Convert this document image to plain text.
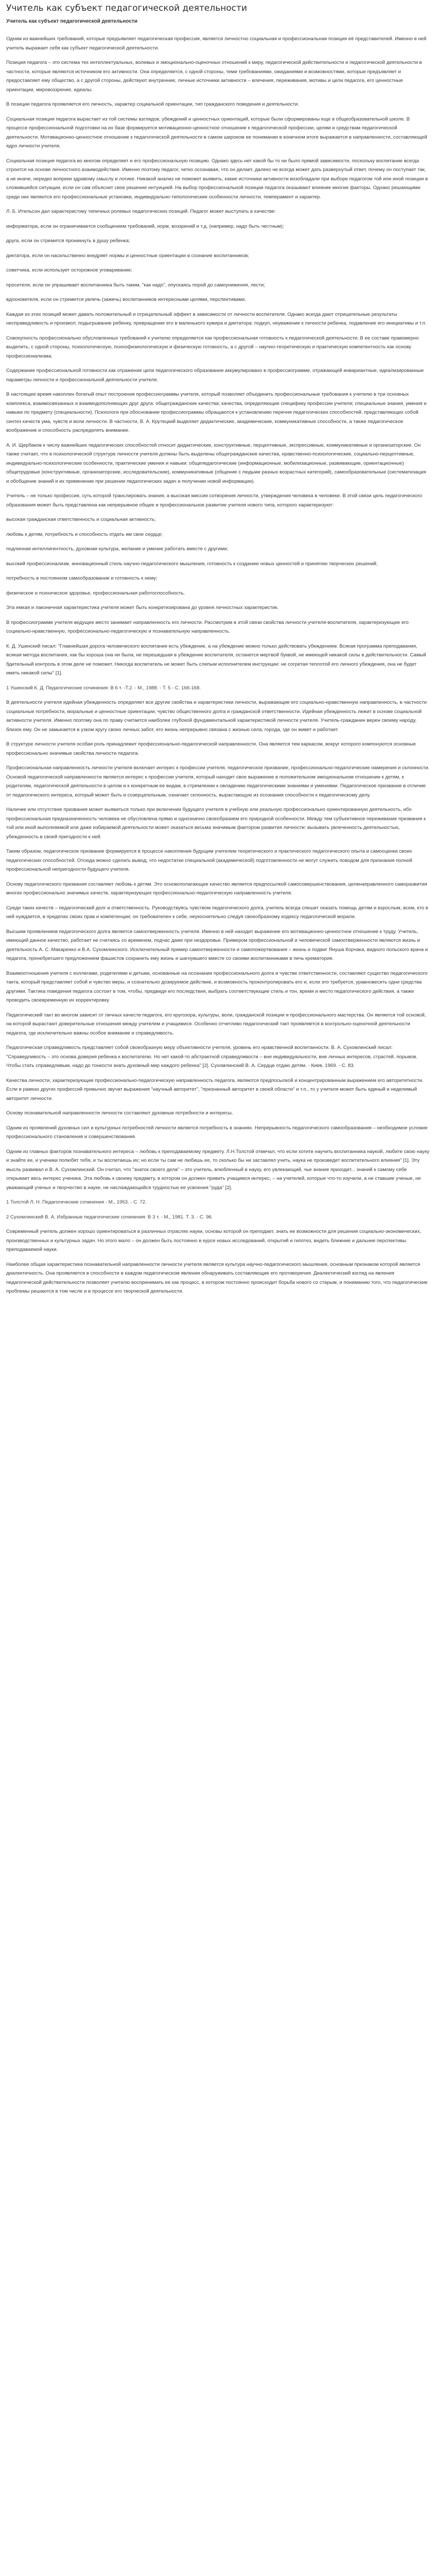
Учитель как субъект педагогической деятельности
Учитель как субъект педагогической деятельности

Одним из важнейших требований, которые предъявляет педагогическая профессия, является личностно социальная и профессиональная позиция её представителей. Именно в ней учитель выражает себя как субъект педагогической деятельности.

Позиция педагога – это система тех интеллектуальных, волевых и эмоционально-оценочных отношений к миру, педагогической действительности и педагогической деятельности в частности, которые являются источником его активности. Она определяется, с одной стороны, теми требованиями, ожиданиями и возможностями, которые предъявляет и предоставляет ему общество, а с другой стороны, действуют внутренние, личные источники активности – влечения, переживания, мотивы и цели педагога, его ценностные ориентации, мировоззрение, идеалы.

В позиции педагога проявляется его личность, характер социальной ориентации, тип гражданского поведения и деятельности.

Социальная позиция педагога вырастает из той системы взглядов, убеждений и ценностных ориентаций, которые были сформированы еще в общеобразовательной школе. В процессе профессиональной подготовки на их базе формируется мотивационно-ценностное отношение к педагогической профессии, целям и средствам педагогической деятельности. Мотивационно-ценностное отношение к педагогической деятельности в самом широком ее понимании в конечном итоге выражается в направленности, составляющей ядро личности учителя.

Социальная позиция педагога во многом определяет и его профессиональную позицию. Однако здесь нет какой бы то ни было прямой зависимости, поскольку воспитание всегда строится на основе личностного взаимодействия. Именно поэтому педагог, четко осознавая, что он делает, далеко не всегда может дать развернутый ответ, почему он поступает так, а не иначе, нередко вопреки здравому смыслу и логике. Никакой анализ не поможет выявить, какие источники активности возобладали при выборе педагогом той или иной позиции в сложившейся ситуации, если он сам объяснит свое решение интуицией. На выбор профессиональной позиции педагога оказывают влияние многие факторы. Однако решающими среди них являются его профессиональные установки, индивидуально-типологические особенности личности, темперамент и характер.

Л. Б. Ительсон дал характеристику типичных ролевых педагогических позиций. Педагог может выступать в качестве:

информатора, если он ограничивается сообщением требований, норм, воззрений и т.д. (например, надо быть честным);

друга, если он стремится проникнуть в душу ребенка;

диктатора, если он насильственно внедряет нормы и ценностные ориентации в сознание воспитанников;

советчика, если использует осторожное уговаривание;

просителя, если он упрашивает воспитанника быть таким, "как надо", опускаясь порой до самоунижения, лести;

вдохновителя, если он стремится увлечь (зажечь) воспитанников интересными целями, перспективами.

Каждая из этих позиций может давать положительный и отрицательный эффект в зависимости от личности воспитателя. Однако всегда дают отрицательные результаты несправедливость и произвол; подыгрывание ребенку, превращение его в маленького кумира и диктатора; подкуп, неуважение к личности ребенка, подавление его инициативы и т.п.

Совокупность профессионально обусловленных требований к учителю определяется как профессиональная готовность к педагогической деятельности. В ее составе правомерно выделить, с одной стороны, психологическую, психофизиологическую и физическую готовность, а с другой – научно-теоретическую и практическую компетентность как основу профессионализма.

Содержание профессиональной готовности как отражение цели педагогического образования аккумулировано в профессиограмме, отражающей инвариантные, идеализированные параметры личности и профессиональной деятельности учителя.

В настоящее время накоплен богатый опыт построения профессиограммы учителя, который позволяет объединить профессиональные требования к учителю в три основных комплекса, взаимосвязанных и взаимодополняющих друг друга: общегражданские качества; качества, определяющие специфику профессии учителя; специальные знания, умения и навыки по предмету (специальности). Психологи при обосновании профессиограммы обращаются к установлению перечня педагогических способностей, представляющих собой синтез качеств ума, чувств и воли личности. В частности, В. А. Крутецкий выделяет дидактические, академические, коммуникативные способности, а также педагогическое воображение и способность распределять внимание.

А. И. Щербаков к числу важнейших педагогических способностей относит дидактические, конструктивные, перцептивные, экспрессивные, коммуникативные и организаторские. Он также считает, что в психологической структуре личности учителя должны быть выделены общегражданские качества, нравственно-психологические, социально-перцептивные, индивидуально-психологические особенности, практические умения и навыки: общепедагогические (информационные, мобилизационные, развивающие, ориентационные) общетрудовые (конструктивные, организаторские, исследовательские), коммуникативные (общение с людьми разных возрастных категорий), самообразовательные (систематизация и обобщение знаний и их применение при решении педагогических задач и получении новой информации).

Учитель – не только профессия, суть которой транслировать знания, а высокая миссия сотворения личности, утверждения человека в человеке. В этой связи цель педагогического образования может быть представлена как непрерывное общее и профессиональное развитие учителя нового типа, которого характеризуют:

высокая гражданская ответственность и социальная активность;

любовь к детям, потребность и способность отдать им свое сердце;

подлинная интеллигентность, духовная культура, желание и умение работать вместе с другими;

высокий профессионализм, инновационный стиль научно-педагогического мышления, готовность к созданию новых ценностей и принятию творческих решений;

потребность в постоянном самообразовании и готовность к нему;

физическое и психическое здоровье, профессиональная работоспособность.

Эта емкая и лаконичная характеристика учителя может быть конкретизирована до уровня личностных характеристик.

В профессиограмме учителя ведущее место занимает направленность его личности. Рассмотрим в этой связи свойства личности учителя-воспитателя, характеризующие его социально-нравственную, профессионально-педагогическую и познавательную направленность.

К. Д. Ушинский писал: "Главнейшая дорога человеческого воспитания есть убеждение, а на убеждение можно только действовать убеждением. Всякая программа преподавания, всякая метода воспитания, как бы хороша она ни была, не перешедшая в убеждение воспитателя, останется мертвой буквой, не имеющей никакой силы в действительности. Самый бдительный контроль в этом деле не поможет. Никогда воспитатель не может быть слепым исполнителем инструкции: не согретая теплотой его личного убеждения, она не будет иметь никакой силы" [1].

1 Ушинский К. Д. Педагогические сочинения: В 6 т. -Т.2. - М., 1988. - Т. 5 - С. 166-168.

В деятельности учителя идейная убежденность определяет все другие свойства и характеристики личности, выражающие его социально-нравственную направленность, в частности социальные потребности, моральные и ценностные ориентации, чувство общественного долга и гражданской ответственности. Идейная убежденность лежит в основе социальной активности учителя. Именно поэтому она по праву считается наиболее глубокой фундаментальной характеристикой личности учителя. Учитель-гражданин верен своему народу, близок ему. Он не замыкается в узком кругу своих личных забот, его жизнь непрерывно связана с жизнью села, города, где он живет и работает.

В структуре личности учителя особая роль принадлежит профессионально-педагогической направленности. Она является тем каркасом, вокруг которого компонуются основные профессионально значимые свойства личности педагога.

Профессиональная направленность личности учителя включает интерес к профессии учителя, педагогическое призвание, профессионально-педагогические намерения и склонности. Основой педагогической направленности является интерес к профессии учителя, который находит свое выражение в положительном эмоциональном отношении к детям, к родителям, педагогической деятельности в целом и к конкретным ее видам, в стремлении к овладению педагогическими знаниями и умениями. Педагогическое призвание в отличие от педагогического интереса, который может быть и созерцательным, означает склонность, вырастающую из осознания способности к педагогическому делу.

Наличие или отсутствие призвания может выявиться только при включении будущего учителя в учебную или реальную профессионально ориентированную деятельность, ибо профессиональная предназначенность человека не обусловлена прямо и однозначно своеобразием его природной особенности. Между тем субъективное переживание призвания к той или иной выполняемой или даже избираемой деятельности может оказаться весьма значимым фактором развития личности: вызывать увлеченность деятельностью, убежденность в своей пригодности к ней.

Таким образом, педагогическое призвание формируется в процессе накопления будущим учителем теоретического и практического педагогического опыта и самооценки своих педагогических способностей. Отсюда можно сделать вывод, что недостатки специальной (академической) подготовленности не могут служить поводом для признания полной профессиональной непригодности будущего учителя.

Основу педагогического призвания составляет любовь к детям. Это основополагающее качество является предпосылкой самосовершенствования, целенаправленного саморазвития многих профессионально значимых качеств, характеризующих профессионально-педагогическую направленность учителя.

Среди таких качеств – педагогический долг и ответственность. Руководствуясь чувством педагогического долга, учитель всегда спешит оказать помощь детям и взрослым, всем, кто в ней нуждается, в пределах своих прав и компетенции; он требователен к себе, неукоснительно следуя своеобразному кодексу педагогической морали.

Высшим проявлением педагогического долга является самоотверженность учителя. Именно в ней находит выражение его мотивационно-ценностное отношение к труду. Учитель, имеющий данное качество, работает не считаясь со временем, подчас даже при нездоровье. Примером профессиональной и человеческой самоотверженности являются жизнь и деятельность А. С. Макаренко и В.А. Сухомлинского. Исключительный пример самоотверженности и самопожертвования – жизнь и подвиг Януша Корчака, видного польского врача и педагога, пренебрегшего предложением фашистов сохранить ему жизнь и шагнувшего вместе со своими воспитанниками в печь крематория.

Взаимоотношения учителя с коллегами, родителями и детьми, основанные на осознании профессионального долга и чувстве ответственности, составляют существо педагогического такта, который представляет собой и чувство меры, и сознательно дозируемое действие, и возможность проконтролировать его и, если это требуется, уравновесить одни средства другими. Тактика поведения педагога состоит в том, чтобы, предвидя его последствия, выбрать соответствующие стиль и тон, время и место педагогического действия, а также проводить своевременную их корректировку.

Педагогический такт во многом зависит от личных качеств педагога, его кругозора, культуры, воли, гражданской позиции и профессионального мастерства. Он является той основой, на которой вырастают доверительные отношения между учителем и учащимися. Особенно отчетливо педагогический такт проявляется в контрольно-оценочной деятельности педагога, где исключительно важны особое внимание и справедливость.

Педагогическая справедливость представляет собой своеобразную меру объективности учителя, уровень его нравственной воспитанности. В. А. Сухомлинский писал: "Справедливость – это основа доверия ребенка к воспитателю. Но нет какой-то абстрактной справедливости – вне индивидуальности, вне личных интересов, страстей, порывов. Чтобы стать справедливым, надо до тонкости знать духовный мир каждого ребенка" [2]. Сухомлинский В. А. Сердце отдаю детям. - Киев, 1969. - С. 83.

Качества личности, характеризующие профессионально-педагогическую направленность педагога, являются предпосылкой и концентрированным выражением его авторитетности. Если в рамках других профессий привычно звучат выражения "научный авторитет", "признанный авторитет в своей области" и т.п., то у учителя может быть единый и неделимый авторитет личности.

Основу познавательной направленности личности составляют духовные потребности и интересы.

Одним из проявлений духовных сил и культурных потребностей личности является потребность в знаниях. Непрерывность педагогического самообразования – необходимое условие профессионального становления и совершенствования.

Одним из главных факторов познавательного интереса – любовь к преподаваемому предмету. Л.Н.Толстой отмечал, что если хотите научить воспитанника наукой, любите свою науку и знайте ее, и ученики полюбят тебя, и ты воспитаешь их; но если ты сам не любишь ее, то сколько бы ни заставлял учить, наука не произведет воспитательного влияния" [1]. Эту мысль развивал и В. А. Сухомлинский. Он считал, что "знаток своего дела" – это учитель, влюбленный в науку, его увлекающий, чье знание приходит... знаний к самому себе открывает весь интерес ученика. Эта любовь к своему предмету, в котором он должен привить учащимся интерес, – на учителей, которые что-то изучили, а не ставшие ученые, не уважающий ученых и творчество в науке, не наслаждающийся трудностью ее усвоения "руда" [2].

1 Толстой Л. Н. Педагогические сочинения - М., 1953. - С. 72.

2 Сухомлинский В. А. Избранные педагогические сочинения: В 3 т. - М., 1981. Т. 3. - С. 96.

Современный учитель должен хорошо ориентироваться в различных отраслях науки, основы которой он преподает, знать ее возможности для решения социально-экономических, производственных и культурных задач. Но этого мало – он должен быть постоянно в курсе новых исследований, открытий и гипотез, видеть ближние и дальние перспективы преподаваемой науки.

Наиболее общая характеристика познавательной направленности личности учителя является культура научно-педагогического мышления, основным признаком которой является диалектичность. Она проявляется в способности в каждом педагогическом явлении обнаруживать составляющие его противоречия. Диалектический взгляд на явления педагогической действительности позволяет учителю воспринимать ее как процесс, в котором постоянно происходит борьба нового со старым, и пониманию того, что педагогические проблемы решаются в том числе и в процессе его творческой деятельности.
